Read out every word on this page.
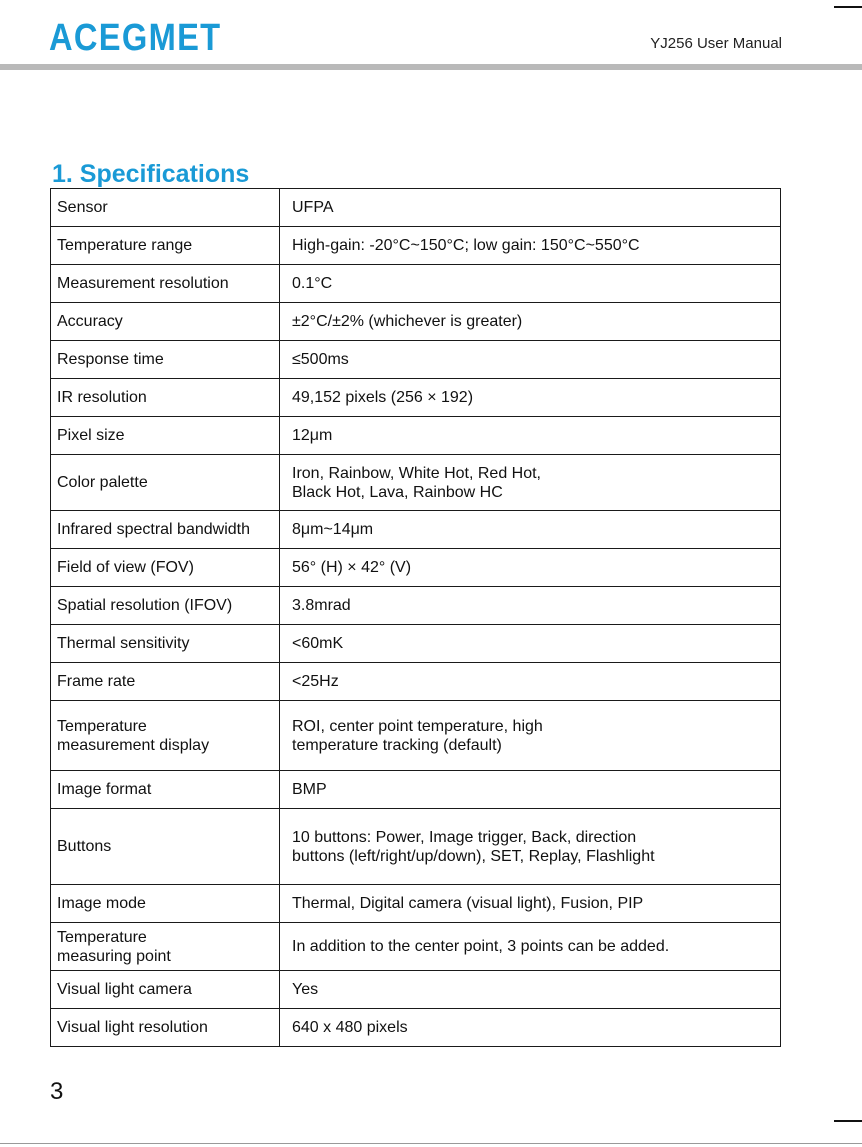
ACEGMET	YJ256 User Manual
1. Specifications
Sensor	UFPA
Temperature range	High-gain: -20°C~150°C; low gain: 150°C~550°C
Measurement resolution	0.1°C
Accuracy	±2°C/±2% (whichever is greater)
Response time	≤500ms
IR resolution	49,152 pixels (256 × 192)
Pixel size	12μm
Color palette	Iron, Rainbow, White Hot, Red Hot,
Black Hot, Lava, Rainbow HC
Infrared spectral bandwidth	8μm~14μm
Field of view (FOV)	56° (H) × 42° (V)
Spatial resolution (IFOV)	3.8mrad
Thermal sensitivity	<60mK
Frame rate	<25Hz
Temperature
measurement display	ROI, center point temperature, high
temperature tracking (default)
Image format	BMP
Buttons	10 buttons: Power, Image trigger, Back, direction
buttons (left/right/up/down), SET, Replay, Flashlight
Image mode	Thermal, Digital camera (visual light), Fusion, PIP
Temperature
measuring point	In addition to the center point, 3 points can be added.
Visual light camera	Yes
Visual light resolution	640 x 480 pixels
3
